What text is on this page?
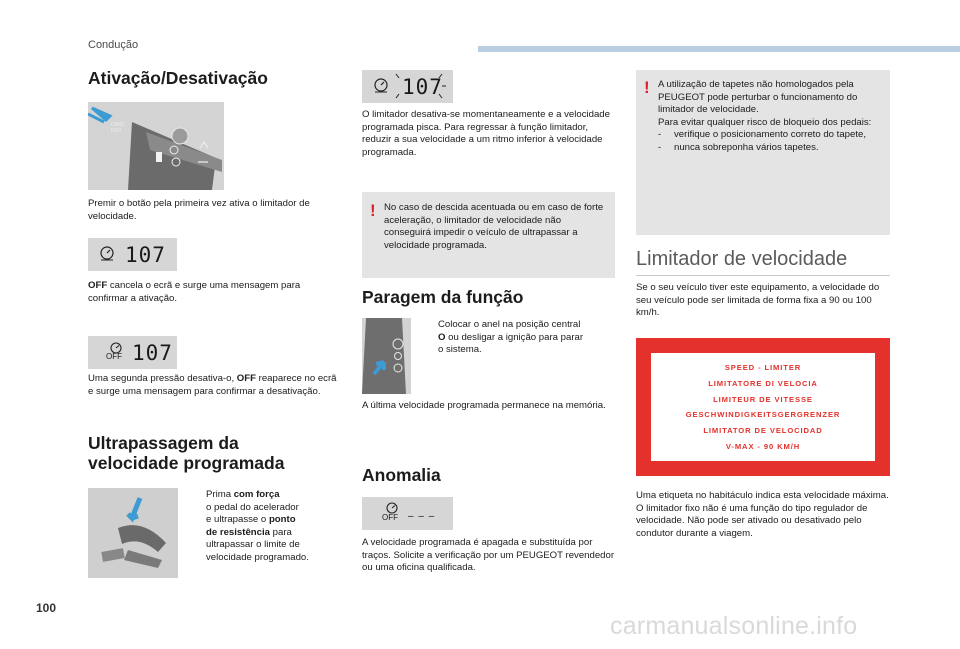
Condução
Ativação/Desativação
CANC
RES
Premir o botão pela primeira vez ativa o limitador de velocidade.
107
OFF cancela o ecrã e surge uma mensagem para confirmar a ativação.
OFF 107
Uma segunda pressão desativa-o, OFF reaparece no ecrã e surge uma mensagem para confirmar a desativação.
Ultrapassagem da
velocidade programada
Prima com força
o pedal do acelerador
e ultrapasse o ponto
de resistência para
ultrapassar o limite de
velocidade programado.
107
O limitador desativa-se momentaneamente e a velocidade programada pisca. Para regressar à função limitador, reduzir a sua velocidade a um ritmo inferior à velocidade programada.
! No caso de descida acentuada ou em caso de forte aceleração, o limitador de velocidade não conseguirá impedir o veículo de ultrapassar a velocidade programada.
Paragem da função
Colocar o anel na posição central
O ou desligar a ignição para parar
o sistema.
A última velocidade programada permanece na memória.
Anomalia
OFF – – –
A velocidade programada é apagada e substituída por traços. Solicite a verificação por um PEUGEOT revendedor ou uma oficina qualificada.
! A utilização de tapetes não homologados pela PEUGEOT pode perturbar o funcionamento do limitador de velocidade.
Para evitar qualquer risco de bloqueio dos pedais:
- verifique o posicionamento correto do tapete,
- nunca sobreponha vários tapetes.
Limitador de velocidade
Se o seu veículo tiver este equipamento, a velocidade do seu veículo pode ser limitada de forma fixa a 90 ou 100 km/h.
SPEED - LIMITER
LIMITATORE DI VELOCIA
LIMITEUR DE VITESSE
GESCHWINDIGKEITSGERGRENZER
LIMITATOR DE VELOCIDAD
V-MAX - 90 KM/H
Uma etiqueta no habitáculo indica esta velocidade máxima. O limitador fixo não é uma função do tipo regulador de velocidade. Não pode ser ativado ou desativado pelo condutor durante a viagem.
100
carmanualsonline.info
